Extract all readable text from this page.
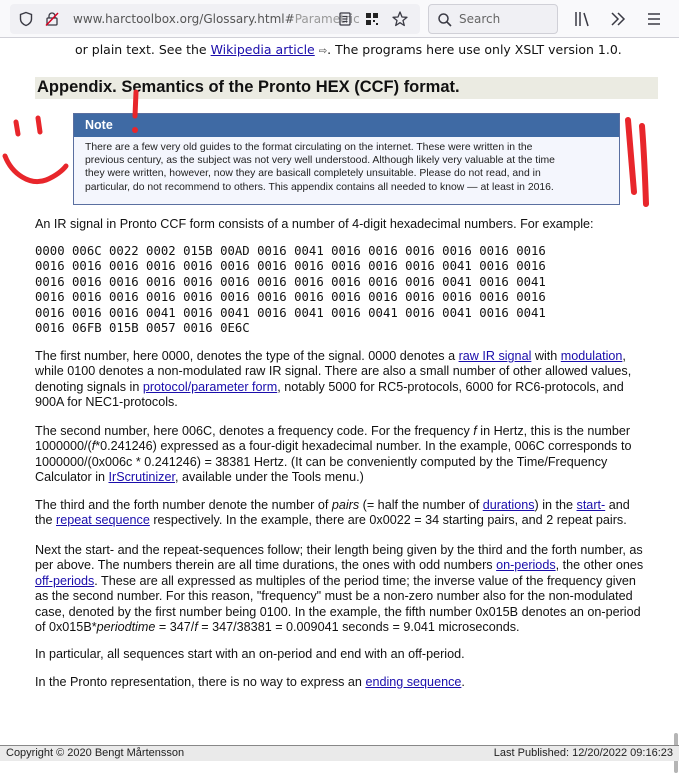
www.harctoolbox.org/Glossary.html#Parametric	Search
or plain text. See the Wikipedia article ⇨. The programs here use only XSLT version 1.0.
Appendix. Semantics of the Pronto HEX (CCF) format.
Note
There are a few very old guides to the format circulating on the internet. These were written in the
previous century, as the subject was not very well understood. Although likely very valuable at the time
they were written, however, now they are basicall completely unsuitable. Please do not read, and in
particular, do not recommend to others. This appendix contains all needed to know — at least in 2016.
An IR signal in Pronto CCF form consists of a number of 4-digit hexadecimal numbers. For example:
0000 006C 0022 0002 015B 00AD 0016 0041 0016 0016 0016 0016 0016 0016
0016 0016 0016 0016 0016 0016 0016 0016 0016 0016 0016 0041 0016 0016
0016 0016 0016 0016 0016 0016 0016 0016 0016 0016 0016 0041 0016 0041
0016 0016 0016 0016 0016 0016 0016 0016 0016 0016 0016 0016 0016 0016
0016 0016 0016 0041 0016 0041 0016 0041 0016 0041 0016 0041 0016 0041
0016 06FB 015B 0057 0016 0E6C
The first number, here 0000, denotes the type of the signal. 0000 denotes a raw IR signal with modulation, while 0100 denotes a non-modulated raw IR signal. There are also a small number of other allowed values, denoting signals in protocol/parameter form, notably 5000 for RC5-protocols, 6000 for RC6-protocols, and 900A for NEC1-protocols.
The second number, here 006C, denotes a frequency code. For the frequency f in Hertz, this is the number 1000000/(f*0.241246) expressed as a four-digit hexadecimal number. In the example, 006C corresponds to 1000000/(0x006c * 0.241246) = 38381 Hertz. (It can be conveniently computed by the Time/Frequency Calculator in IrScrutinizer, available under the Tools menu.)
The third and the forth number denote the number of pairs (= half the number of durations) in the start- and the repeat sequence respectively. In the example, there are 0x0022 = 34 starting pairs, and 2 repeat pairs.
Next the start- and the repeat-sequences follow; their length being given by the third and the forth number, as per above. The numbers therein are all time durations, the ones with odd numbers on-periods, the other ones off-periods. These are all expressed as multiples of the period time; the inverse value of the frequency given as the second number. For this reason, "frequency" must be a non-zero number also for the non-modulated case, denoted by the first number being 0100. In the example, the fifth number 0x015B denotes an on-period of 0x015B*periodtime = 347/f = 347/38381 = 0.009041 seconds = 9.041 microseconds.
In particular, all sequences start with an on-period and end with an off-period.
In the Pronto representation, there is no way to express an ending sequence.
Copyright © 2020 Bengt Mårtensson	Last Published: 12/20/2022 09:16:23
